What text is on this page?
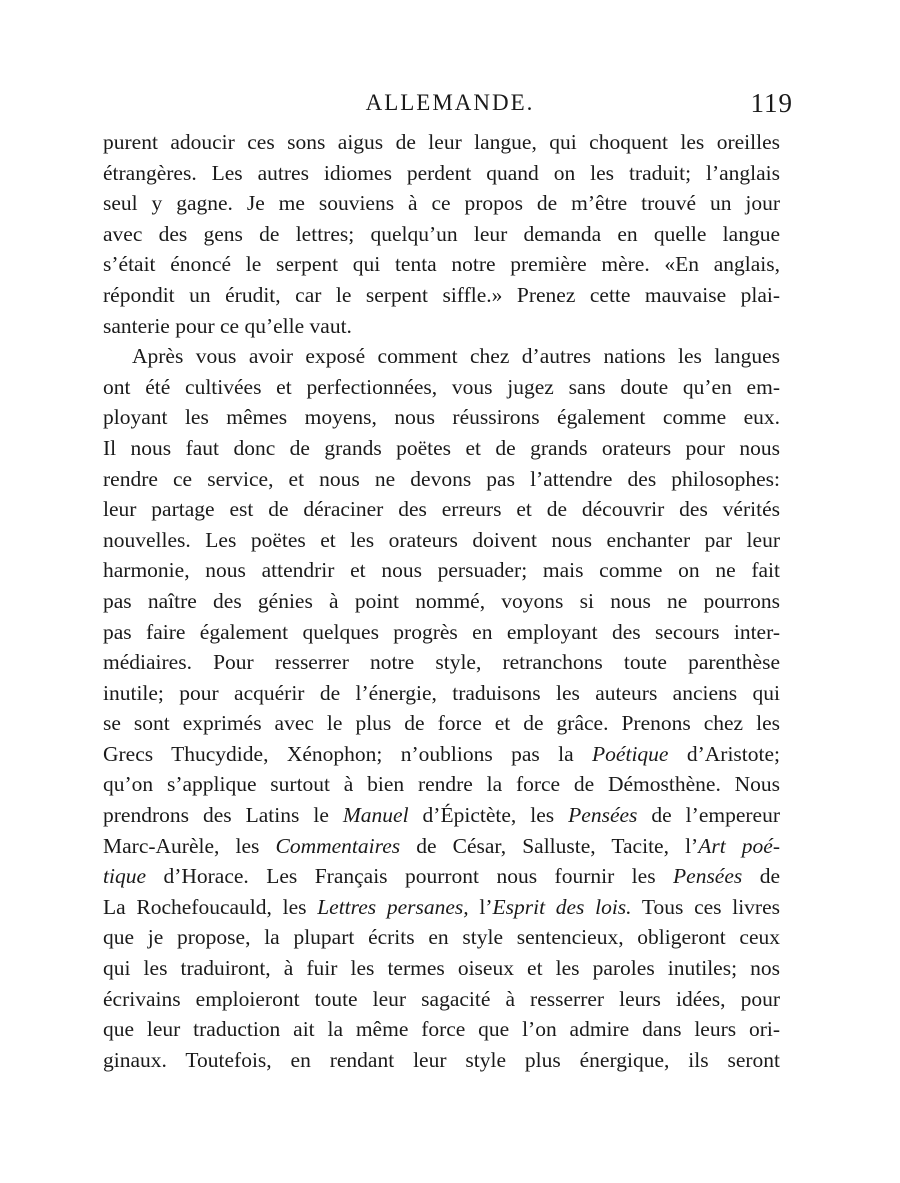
ALLEMANDE.	119
purent adoucir ces sons aigus de leur langue, qui choquent les oreilles
étrangères. Les autres idiomes perdent quand on les traduit; l’anglais
seul y gagne. Je me souviens à ce propos de m’être trouvé un jour
avec des gens de lettres; quelqu’un leur demanda en quelle langue
s’était énoncé le serpent qui tenta notre première mère. «En anglais,
répondit un érudit, car le serpent siffle.» Prenez cette mauvaise plai-
santerie pour ce qu’elle vaut.
Après vous avoir exposé comment chez d’autres nations les langues
ont été cultivées et perfectionnées, vous jugez sans doute qu’en em-
ployant les mêmes moyens, nous réussirons également comme eux.
Il nous faut donc de grands poëtes et de grands orateurs pour nous
rendre ce service, et nous ne devons pas l’attendre des philosophes:
leur partage est de déraciner des erreurs et de découvrir des vérités
nouvelles. Les poëtes et les orateurs doivent nous enchanter par leur
harmonie, nous attendrir et nous persuader; mais comme on ne fait
pas naître des génies à point nommé, voyons si nous ne pourrons
pas faire également quelques progrès en employant des secours inter-
médiaires. Pour resserrer notre style, retranchons toute parenthèse
inutile; pour acquérir de l’énergie, traduisons les auteurs anciens qui
se sont exprimés avec le plus de force et de grâce. Prenons chez les
Grecs Thucydide, Xénophon; n’oublions pas la Poétique d’Aristote;
qu’on s’applique surtout à bien rendre la force de Démosthène. Nous
prendrons des Latins le Manuel d’Épictète, les Pensées de l’empereur
Marc-Aurèle, les Commentaires de César, Salluste, Tacite, l’Art poé-
tique d’Horace. Les Français pourront nous fournir les Pensées de
La Rochefoucauld, les Lettres persanes, l’Esprit des lois. Tous ces livres
que je propose, la plupart écrits en style sentencieux, obligeront ceux
qui les traduiront, à fuir les termes oiseux et les paroles inutiles; nos
écrivains emploieront toute leur sagacité à resserrer leurs idées, pour
que leur traduction ait la même force que l’on admire dans leurs ori-
ginaux. Toutefois, en rendant leur style plus énergique, ils seront
